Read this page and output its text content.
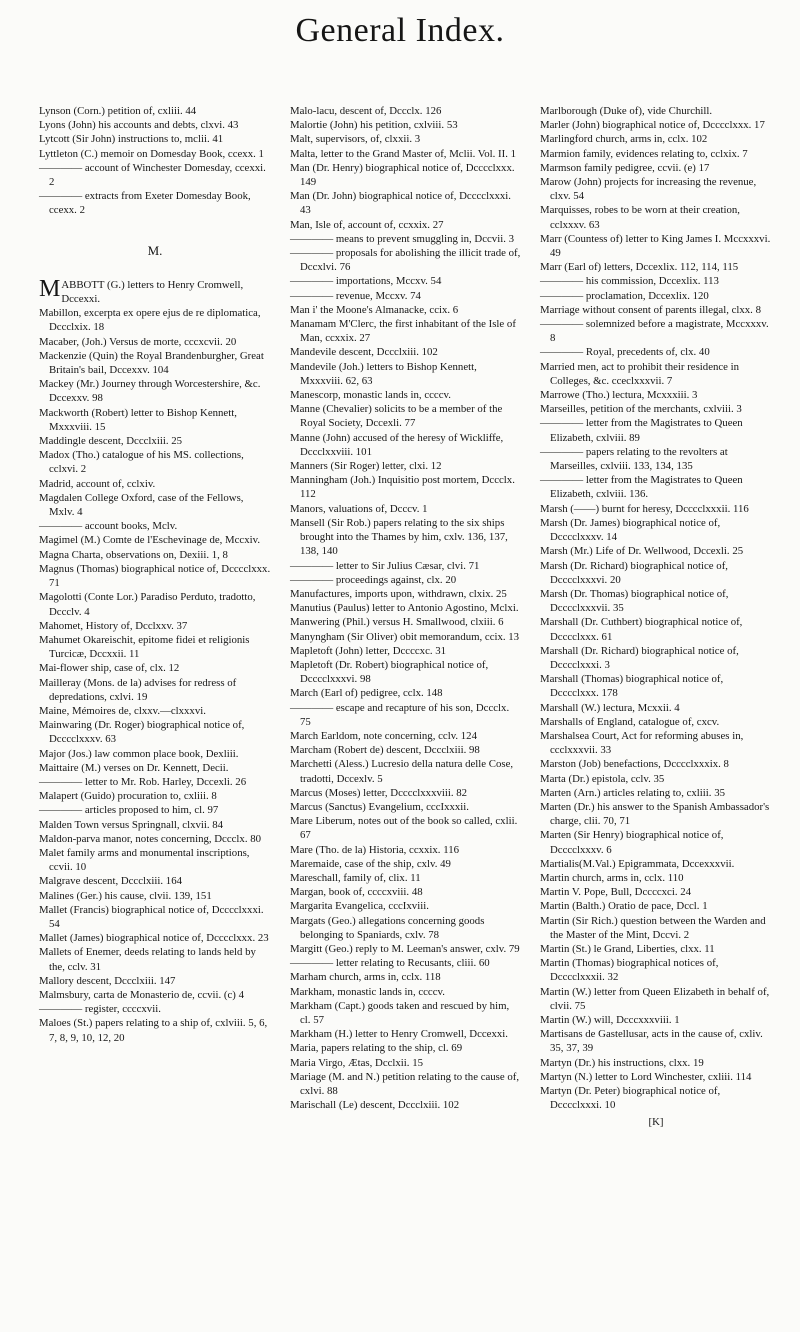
General Index.

Lynson (Corn.) petition of, cxliii. 44

Lyons (John) his accounts and debts, clxvi. 43

Lytcott (Sir John) instructions to, mclii. 41

Lyttleton (C.) memoir on Domesday Book, ccexx. 1

———— account of Winchester Domesday, ccexxi. 2

———— extracts from Exeter Domesday Book, ccexx. 2

M.

MABBOTT (G.) letters to Henry Cromwell, Dccexxi.

Mabillon, excerpta ex opere ejus de re diplomatica, Dccclxix. 18

Macaber, (Joh.) Versus de morte, cccxcvii. 20

Mackenzie (Quin) the Royal Brandenburgher, Great Britain's bail, Dccexxv. 104

Mackey (Mr.) Journey through Worcestershire, &c. Dccexxv. 98

Mackworth (Robert) letter to Bishop Kennett, Mxxxviii. 15

Maddingle descent, Dccclxiii. 25

Madox (Tho.) catalogue of his MS. collections, cclxvi. 2

Madrid, account of, cclxiv.

Magdalen College Oxford, case of the Fellows, Mxlv. 4

———— account books, Mclv.

Magimel (M.) Comte de l'Eschevinage de, Mccxiv.

Magna Charta, observations on, Dexiii. 1, 8

Magnus (Thomas) biographical notice of, Dcccclxxx. 71

Magolotti (Conte Lor.) Paradiso Perduto, tradotto, Dccclv. 4

Mahomet, History of, Dcclxxv. 37

Mahumet Okareischit, epitome fidei et religionis Turcicæ, Dccxxii. 11

Mai-flower ship, case of, clx. 12

Mailleray (Mons. de la) advises for redress of depredations, cxlvi. 19

Maine, Mémoires de, clxxv.—clxxxvi.

Mainwaring (Dr. Roger) biographical notice of, Dcccclxxxv. 63

Major (Jos.) law common place book, Dexliii.

Maittaire (M.) verses on Dr. Kennett, Decii.

———— letter to Mr. Rob. Harley, Dccexli. 26

Malapert (Guido) procuration to, cxliii. 8

———— articles proposed to him, cl. 97

Malden Town versus Springnall, clxvii. 84

Maldon-parva manor, notes concerning, Dccclx. 80

Malet family arms and monumental inscriptions, ccvii. 10

Malgrave descent, Dccclxiii. 164

Malines (Ger.) his cause, clvii. 139, 151

Mallet (Francis) biographical notice of, Dcccclxxxi. 54

Mallet (James) biographical notice of, Dcccclxxx. 23

Mallets of Enemer, deeds relating to lands held by the, cclv. 31

Mallory descent, Dccclxiii. 147

Malmsbury, carta de Monasterio de, ccvii. (c) 4

———— register, ccccxvii.

Maloes (St.) papers relating to a ship of, cxlviii. 5, 6, 7, 8, 9, 10, 12, 20

Malo-lacu, descent of, Dccclx. 126

Malortie (John) his petition, cxlviii. 53

Malt, supervisors, of, clxxii. 3

Malta, letter to the Grand Master of, Mclii. Vol. II. 1

Man (Dr. Henry) biographical notice of, Dcccclxxx. 149

Man (Dr. John) biographical notice of, Dcccclxxxi. 43

Man, Isle of, account of, ccxxix. 27

———— means to prevent smuggling in, Dccvii. 3

———— proposals for abolishing the illicit trade of, Dccxlvi. 76

———— importations, Mccxv. 54

———— revenue, Mccxv. 74

Man i' the Moone's Almanacke, ccix. 6

Manamam M'Clerc, the first inhabitant of the Isle of Man, ccxxix. 27

Mandevile descent, Dccclxiii. 102

Mandevile (Joh.) letters to Bishop Kennett, Mxxxviii. 62, 63

Manescorp, monastic lands in, ccccv.

Manne (Chevalier) solicits to be a member of the Royal Society, Dccexli. 77

Manne (John) accused of the heresy of Wickliffe, Dccclxxviii. 101

Manners (Sir Roger) letter, clxi. 12

Manningham (Joh.) Inquisitio post mortem, Dccclx. 112

Manors, valuations of, Dcccv. 1

Mansell (Sir Rob.) papers relating to the six ships brought into the Thames by him, cxlv. 136, 137, 138, 140

———— letter to Sir Julius Cæsar, clvi. 71

———— proceedings against, clx. 20

Manufactures, imports upon, withdrawn, clxix. 25

Manutius (Paulus) letter to Antonio Agostino, Mclxi.

Manwering (Phil.) versus H. Smallwood, clxiii. 6

Manyngham (Sir Oliver) obit memorandum, ccix. 13

Mapletoft (John) letter, Dccccxc. 31

Mapletoft (Dr. Robert) biographical notice of, Dcccclxxxvi. 98

March (Earl of) pedigree, cclx. 148

———— escape and recapture of his son, Dccclx. 75

March Earldom, note concerning, cclv. 124

Marcham (Robert de) descent, Dccclxiii. 98

Marchetti (Aless.) Lucresio della natura delle Cose, tradotti, Dccexlv. 5

Marcus (Moses) letter, Dcccclxxxviii. 82

Marcus (Sanctus) Evangelium, cccIxxxii.

Mare Liberum, notes out of the book so called, cxlii. 67

Mare (Tho. de la) Historia, ccxxix. 116

Maremaide, case of the ship, cxlv. 49

Mareschall, family of, clix. 11

Margan, book of, ccccxviii. 48

Margarita Evangelica, cccIxviii.

Margats (Geo.) allegations concerning goods belonging to Spaniards, cxlv. 78

Margitt (Geo.) reply to M. Leeman's answer, cxlv. 79

———— letter relating to Recusants, cliii. 60

Marham church, arms in, cclx. 118

Markham, monastic lands in, ccccv.

Markham (Capt.) goods taken and rescued by him, cl. 57

Markham (H.) letter to Henry Cromwell, Dccexxi.

Maria, papers relating to the ship, cl. 69

Maria Virgo, Ætas, Dcclxii. 15

Mariage (M. and N.) petition relating to the cause of, cxlvi. 88

Marischall (Le) descent, Dccclxiii. 102

Marlborough (Duke of), vide Churchill.

Marler (John) biographical notice of, Dcccclxxx. 17

Marlingford church, arms in, cclx. 102

Marmion family, evidences relating to, cclxix. 7

Marmson family pedigree, ccvii. (e) 17

Marow (John) projects for increasing the revenue, clxv. 54

Marquisses, robes to be worn at their creation, cclxxxv. 63

Marr (Countess of) letter to King James I. Mccxxxvi. 49

Marr (Earl of) letters, Dccexlix. 112, 114, 115

———— his commission, Dccexlix. 113

———— proclamation, Dccexlix. 120

Marriage without consent of parents illegal, clxx. 8

———— solemnized before a magistrate, Mccxxxv. 8

———— Royal, precedents of, clx. 40

Married men, act to prohibit their residence in Colleges, &c. cceclxxxvii. 7

Marrowe (Tho.) lectura, Mcxxxiii. 3

Marseilles, petition of the merchants, cxlviii. 3

———— letter from the Magistrates to Queen Elizabeth, cxlviii. 89

———— papers relating to the revolters at Marseilles, cxlviii. 133, 134, 135

———— letter from the Magistrates to Queen Elizabeth, cxlviii. 136.

Marsh (——) burnt for heresy, Dcccclxxxii. 116

Marsh (Dr. James) biographical notice of, Dcccclxxxv. 14

Marsh (Mr.) Life of Dr. Wellwood, Dccexli. 25

Marsh (Dr. Richard) biographical notice of, Dcccclxxxvi. 20

Marsh (Dr. Thomas) biographical notice of, Dcccclxxxvii. 35

Marshall (Dr. Cuthbert) biographical notice of, Dcccclxxx. 61

Marshall (Dr. Richard) biographical notice of, Dcccclxxxi. 3

Marshall (Thomas) biographical notice of, Dcccclxxx. 178

Marshall (W.) lectura, Mcxxii. 4

Marshalls of England, catalogue of, cxcv.

Marshalsea Court, Act for reforming abuses in, ccclxxxvii. 33

Marston (Job) benefactions, Dcccclxxxix. 8

Marta (Dr.) epistola, cclv. 35

Marten (Arn.) articles relating to, cxliii. 35

Marten (Dr.) his answer to the Spanish Ambassador's charge, clii. 70, 71

Marten (Sir Henry) biographical notice of, Dcccclxxxv. 6

Martialis(M.Val.) Epigrammata, Dccexxxvii.

Martin church, arms in, cclx. 110

Martin V. Pope, Bull, Dccccxci. 24

Martin (Balth.) Oratio de pace, Dccl. 1

Martin (Sir Rich.) question between the Warden and the Master of the Mint, Dccvi. 2

Martin (St.) le Grand, Liberties, clxx. 11

Martin (Thomas) biographical notices of, Dcccclxxxii. 32

Martin (W.) letter from Queen Elizabeth in behalf of, clvii. 75

Martin (W.) will, Dcccxxxviii. 1

Martisans de Gastellusar, acts in the cause of, cxliv. 35, 37, 39

Martyn (Dr.) his instructions, clxx. 19

Martyn (N.) letter to Lord Winchester, cxliii. 114

Martyn (Dr. Peter) biographical notice of, Dcccclxxxi. 10

[K]
